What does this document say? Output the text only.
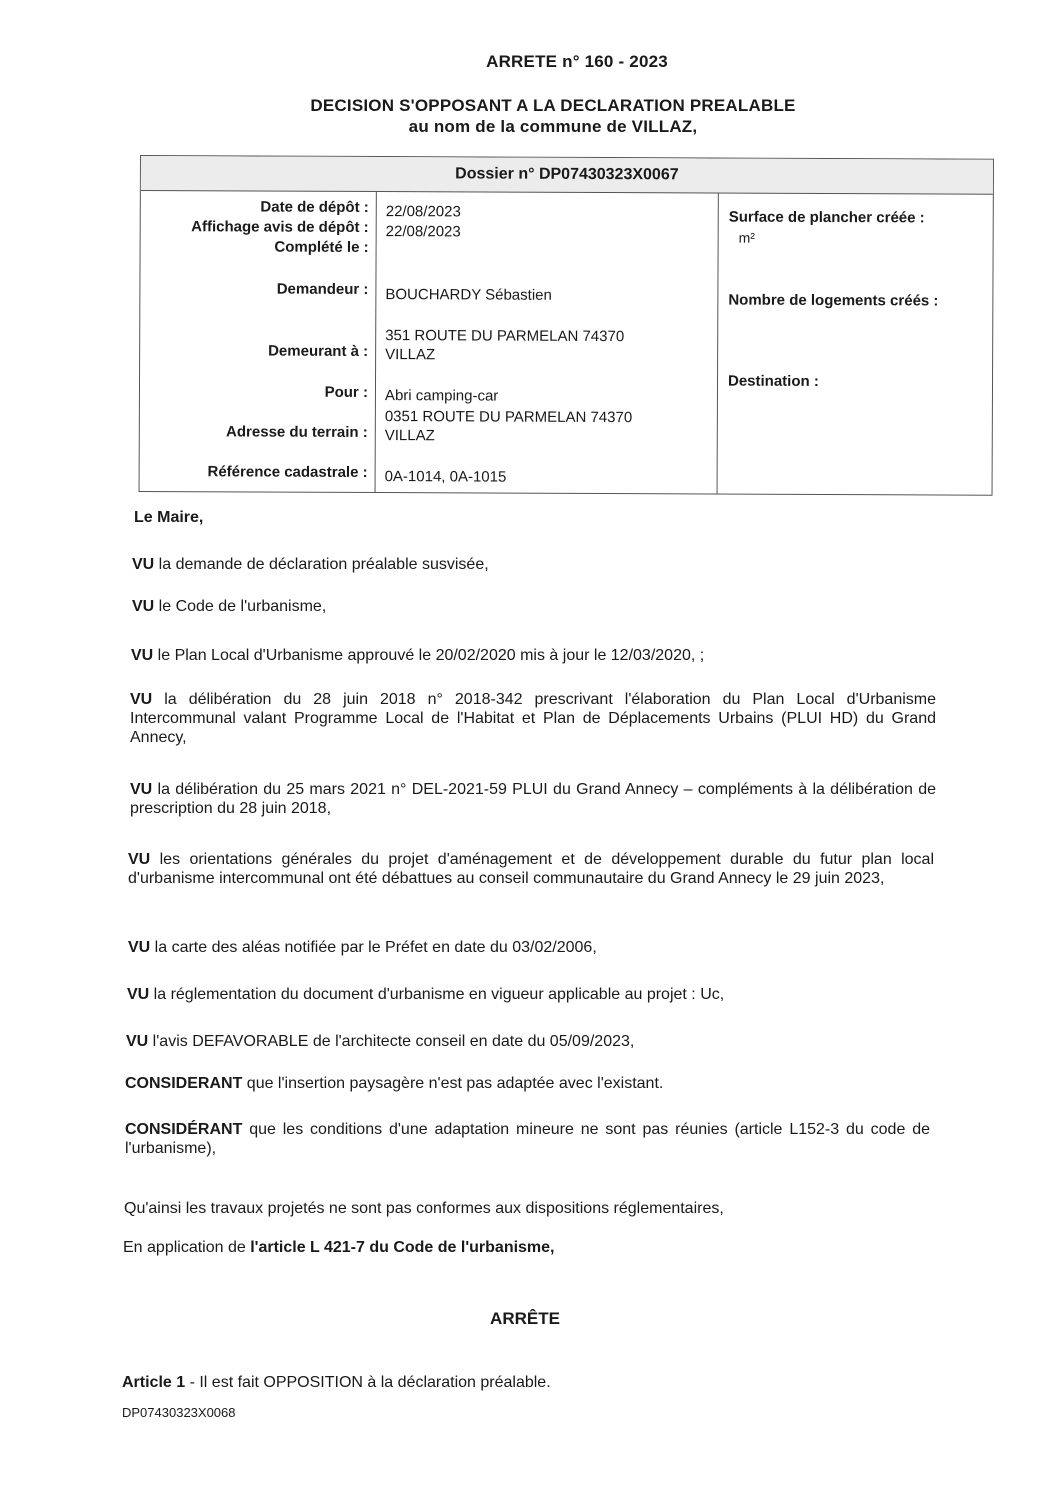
ARRETE n° 160 - 2023
DECISION S'OPPOSANT A LA DECLARATION PREALABLE
au nom de la commune de VILLAZ,
Dossier n° DP07430323X0067
Date de dépôt :
Affichage avis de dépôt :
Complété le :
Demandeur :
Demeurant à :
Pour :
Adresse du terrain :
Référence cadastrale :
22/08/2023
22/08/2023
BOUCHARDY Sébastien
351 ROUTE DU PARMELAN 74370
VILLAZ
Abri camping-car
0351 ROUTE DU PARMELAN 74370
VILLAZ
0A-1014, 0A-1015
Surface de plancher créée :
m²
Nombre de logements créés :
Destination :
Le Maire,
VU la demande de déclaration préalable susvisée,
VU le Code de l'urbanisme,
VU le Plan Local d'Urbanisme approuvé le 20/02/2020 mis à jour le 12/03/2020, ;
VU la délibération du 28 juin 2018 n° 2018-342 prescrivant l'élaboration du Plan Local d'Urbanisme Intercommunal valant Programme Local de l'Habitat et Plan de Déplacements Urbains (PLUI HD) du Grand Annecy,
VU la délibération du 25 mars 2021 n° DEL-2021-59 PLUI du Grand Annecy – compléments à la délibération de prescription du 28 juin 2018,
VU les orientations générales du projet d'aménagement et de développement durable du futur plan local d'urbanisme intercommunal ont été débattues au conseil communautaire du Grand Annecy le 29 juin 2023,
VU la carte des aléas notifiée par le Préfet en date du 03/02/2006,
VU la réglementation du document d'urbanisme en vigueur applicable au projet : Uc,
VU l'avis DEFAVORABLE de l'architecte conseil en date du 05/09/2023,
CONSIDERANT que l'insertion paysagère n'est pas adaptée avec l'existant.
CONSIDÉRANT que les conditions d'une adaptation mineure ne sont pas réunies (article L152-3 du code de l'urbanisme),
Qu'ainsi les travaux projetés ne sont pas conformes aux dispositions réglementaires,
En application de l'article L 421-7 du Code de l'urbanisme,
ARRÊTE
Article 1 - Il est fait OPPOSITION à la déclaration préalable.
DP07430323X0068
